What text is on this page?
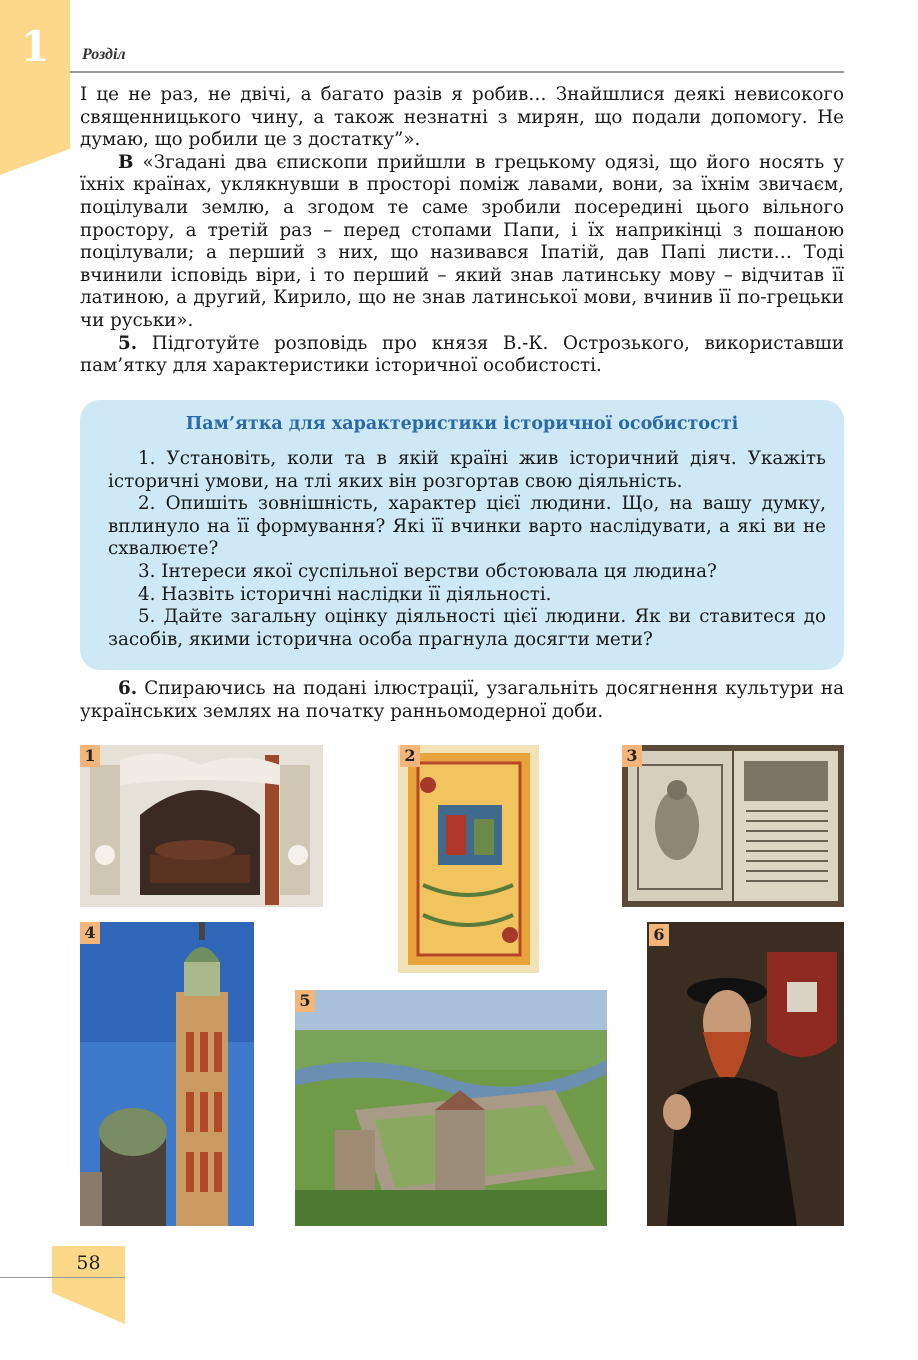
1	Розділ

І це не раз, не двічі, а багато разів я робив… Знайшлися деякі невисокого священницького чину, а також незнатні з мирян, що подали допомогу. Не думаю, що робили це з достатку”».

В «Згадані два єпископи прийшли в грецькому одязі, що його носять у їхніх країнах, уклякнувши в просторі поміж лавами, вони, за їхнім звичаєм, поцілували землю, а згодом те саме зробили посередині цього вільного простору, а третій раз – перед стопами Папи, і їх наприкінці з пошаною поцілували; а перший з них, що називався Іпатій, дав Папі листи… Тоді вчинили ісповідь віри, і то перший – який знав латинську мову – відчитав її латиною, а другий, Кирило, що не знав латинської мови, вчинив її по-грецьки чи руськи».

5. Підготуйте розповідь про князя В.-К. Острозького, використавши пам’ятку для характеристики історичної особистості.

Пам’ятка для характеристики історичної особистості

1. Установіть, коли та в якій країні жив історичний діяч. Укажіть історичні умови, на тлі яких він розгортав свою діяльність.

2. Опишіть зовнішність, характер цієї людини. Що, на вашу думку, вплинуло на її формування? Які її вчинки варто наслідувати, а які ви не схвалюєте?

3. Інтереси якої суспільної верстви обстоювала ця людина?

4. Назвіть історичні наслідки її діяльності.

5. Дайте загальну оцінку діяльності цієї людини. Як ви ставитеся до засобів, якими історична особа прагнула досягти мети?

6. Спираючись на подані ілюстрації, узагальніть досягнення культури на українських землях на початку ранньомодерної доби.

1	2	3
4
5
6
58
